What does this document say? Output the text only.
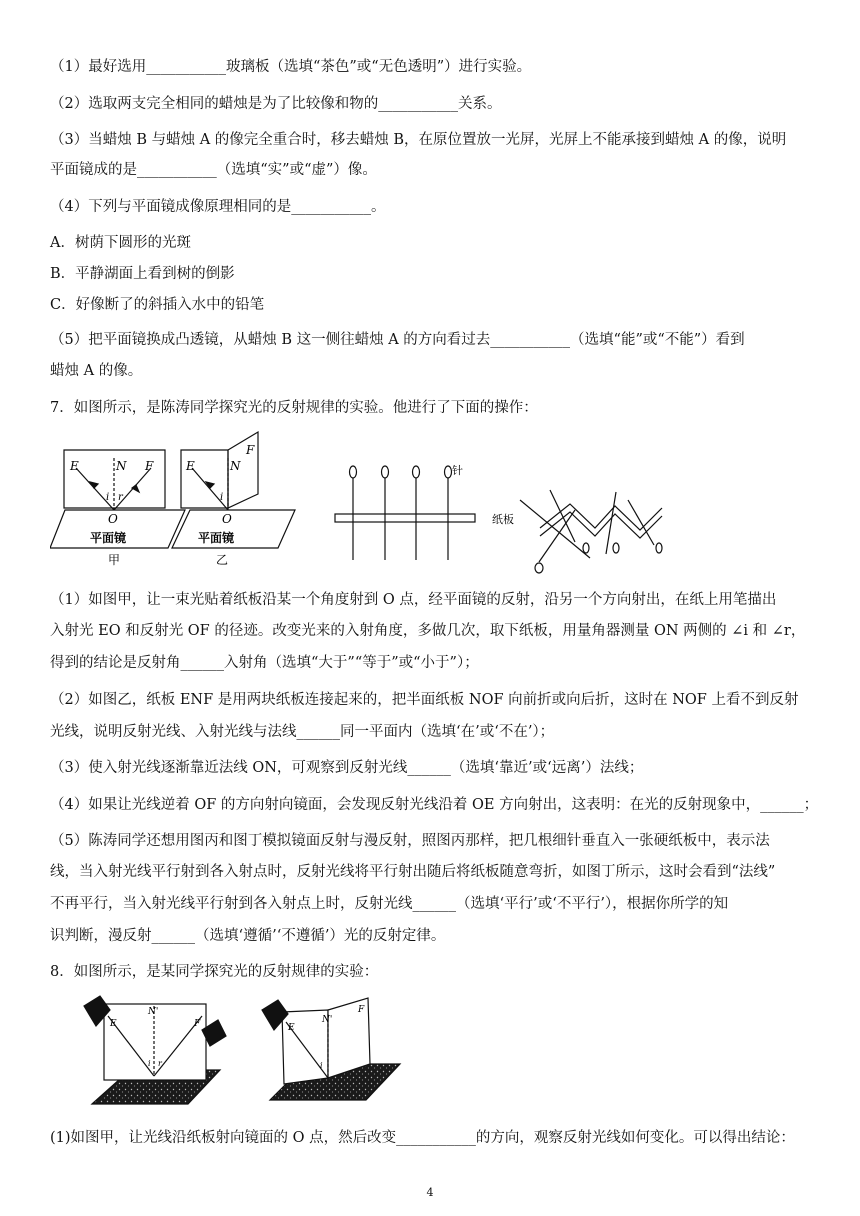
（1）最好选用___________玻璃板（选填“茶色”或“无色透明”）进行实验。
（2）选取两支完全相同的蜡烛是为了比较像和物的___________关系。
（3）当蜡烛 B 与蜡烛 A 的像完全重合时，移去蜡烛 B，在原位置放一光屏，光屏上不能承接到蜡烛 A 的像，说明
平面镜成的是___________（选填“实”或“虚”）像。
（4）下列与平面镜成像原理相同的是___________。
A．树荫下圆形的光斑
B．平静湖面上看到树的倒影
C．好像断了的斜插入水中的铅笔
（5）把平面镜换成凸透镜，从蜡烛 B 这一侧往蜡烛 A 的方向看过去___________（选填“能”或“不能”）看到
蜡烛 A 的像。
7．如图所示，是陈涛同学探究光的反射规律的实验。他进行了下面的操作：
E	N F
i r
O
平面镜
甲
E	N
F
i
O
平面镜
乙
针
纸板
（1）如图甲，让一束光贴着纸板沿某一个角度射到 O 点，经平面镜的反射，沿另一个方向射出，在纸上用笔描出
入射光 EO 和反射光 OF 的径迹。改变光来的入射角度，多做几次，取下纸板，用量角器测量 ON 两侧的 ∠i 和 ∠r，
得到的结论是反射角______入射角（选填“大于”“等于”或“小于”）；
（2）如图乙，纸板 ENF 是用两块纸板连接起来的，把半面纸板 NOF 向前折或向后折，这时在 NOF 上看不到反射
光线，说明反射光线、入射光线与法线______同一平面内（选填‘在’或‘不在’）；
（3）使入射光线逐渐靠近法线 ON，可观察到反射光线______（选填‘靠近’或‘远离’）法线；
（4）如果让光线逆着 OF 的方向射向镜面，会发现反射光线沿着 OE 方向射出，这表明：在光的反射现象中，______；
（5）陈涛同学还想用图丙和图丁模拟镜面反射与漫反射，照图丙那样，把几根细针垂直入一张硬纸板中，表示法
线，当入射光线平行射到各入射点时，反射光线将平行射出随后将纸板随意弯折，如图丁所示，这时会看到“法线”
不再平行，当入射光线平行射到各入射点上时，反射光线______（选填‘平行’或‘不平行’），根据你所学的知
识判断，漫反射______（选填‘遵循’‘不遵循’）光的反射定律。
8．如图所示，是某同学探究光的反射规律的实验：
E
N'
F
i r
E
N'
F
i
(1)如图甲，让光线沿纸板射向镜面的 O 点，然后改变___________的方向，观察反射光线如何变化。可以得出结论：
4
